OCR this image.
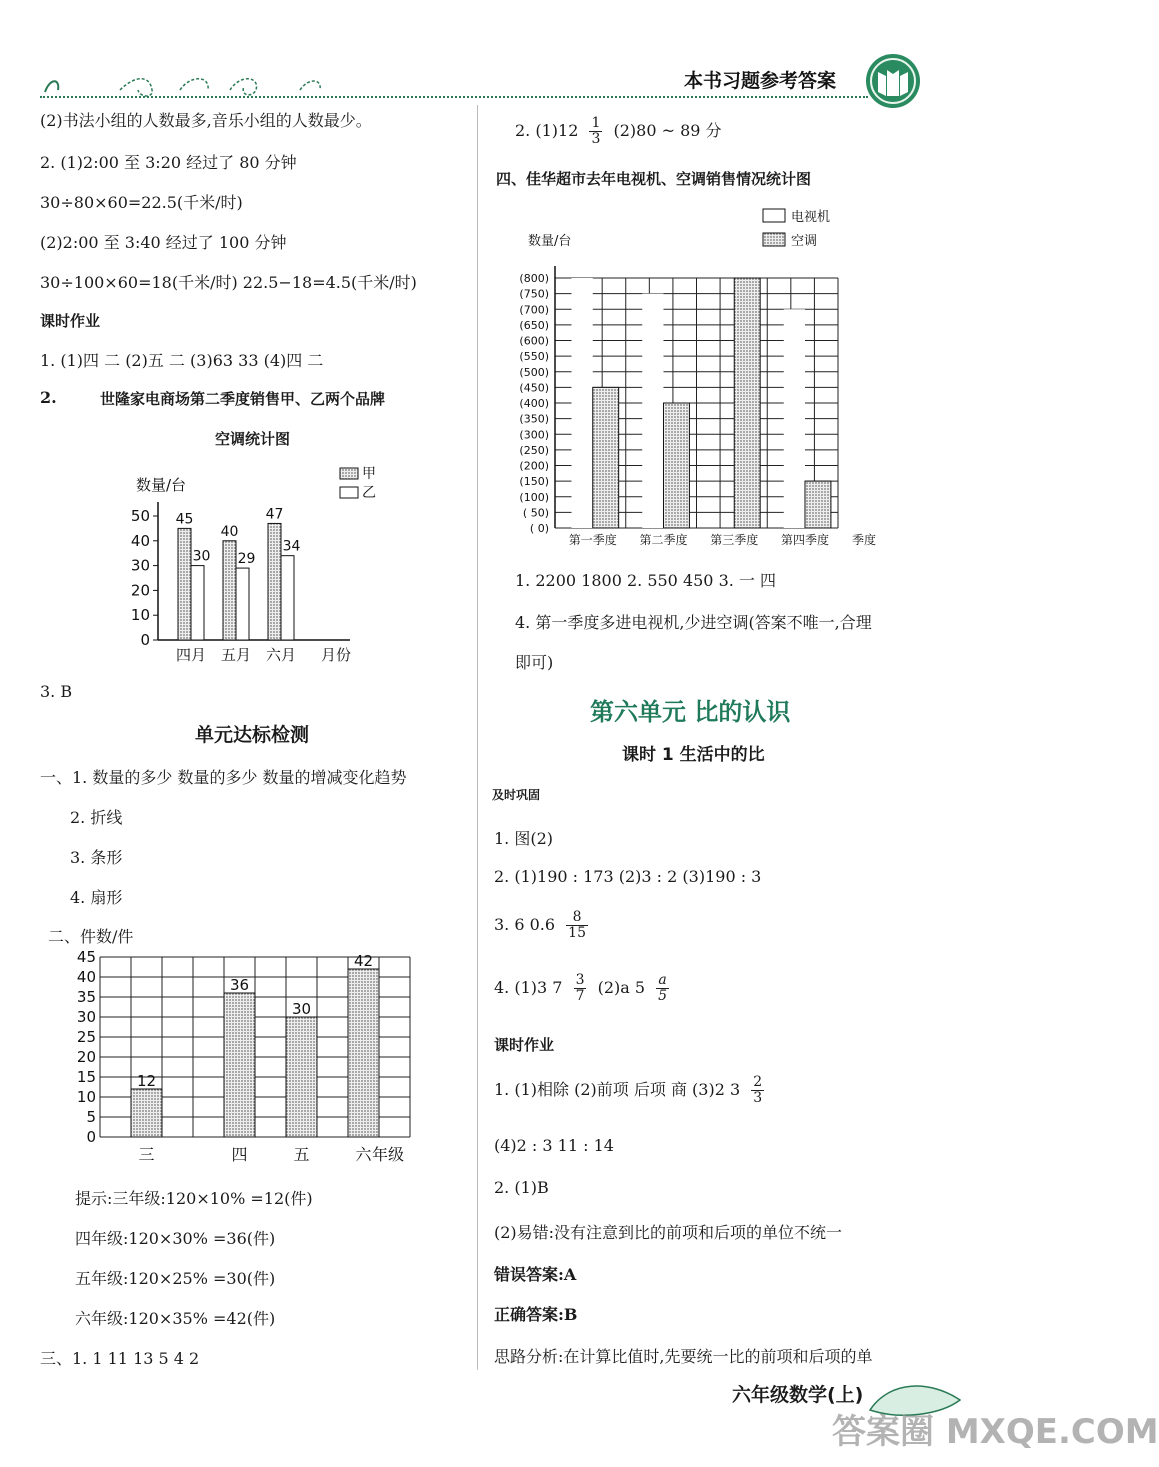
本书习题参考答案
(2)书法小组的人数最多,音乐小组的人数最少。
2. (1)2:00 至 3:20 经过了 80 分钟
30÷80×60=22.5(千米/时)
(2)2:00 至 3:40 经过了 100 分钟
30÷100×60=18(千米/时) 22.5−18=4.5(千米/时)
课时作业
1. (1)四 二 (2)五 二 (3)63 33 (4)四 二
2.	世隆家电商场第二季度销售甲、乙两个品牌
空调统计图
数量/台
0
10
20
30
40
50 45
30
四月
40
29
五月
47
34
六月 月份
甲
乙
3. B
单元达标检测
一、1. 数量的多少 数量的多少 数量的增减变化趋势
2. 折线
3. 条形
4. 扇形
二、件数/件
0
5
10
15
20
25
30
35
40
45
12
三
36
四
30
五
42
六 年级
提示:三年级:120×10% =12(件)
四年级:120×30% =36(件)
五年级:120×25% =30(件)
六年级:120×35% =42(件)
三、1. 1 11 13 5 4 2
2. $(1)12 \frac{1}{3} (2)80$ ~ 89 分
四、佳华超市去年电视机、空调销售情况统计图
数量/台
电视机
空调
( 0)
( 50)
(100)
(150)
(200)
(250)
(300)
(350)
(400)
(450)
(500)
(550)
(600)
(650)
(700)
(750)
(800)
第一季度 第二季度 第三季度 第四季度 季度
1. 2200 1800 2. 550 450 3. 一 四
4. 第一季度多进电视机,少进空调(答案不唯一,合理
即可)
第六单元 比的认识
课时 1 生活中的比
及时巩固
1. 图(2)
2. (1)190 : 173 (2)3 : 2 (3)190 : 3
3. 6 $0.6 \frac{8}{15}$
4. (1)3 $7 \frac{3}{7} (2)a$ $5 \frac{a}{5}$
课时作业
1. (1)相除 (2)前项 后项 商 (3)2 $3 \frac{2}{3}$
(4)2 : 3 11 : 14
2. (1)B
(2)易错:没有注意到比的前项和后项的单位不统一
错误答案:A
正确答案:B
思路分析:在计算比值时,先要统一比的前项和后项的单
六年级数学(上)
答案圈 MXQE.COM
